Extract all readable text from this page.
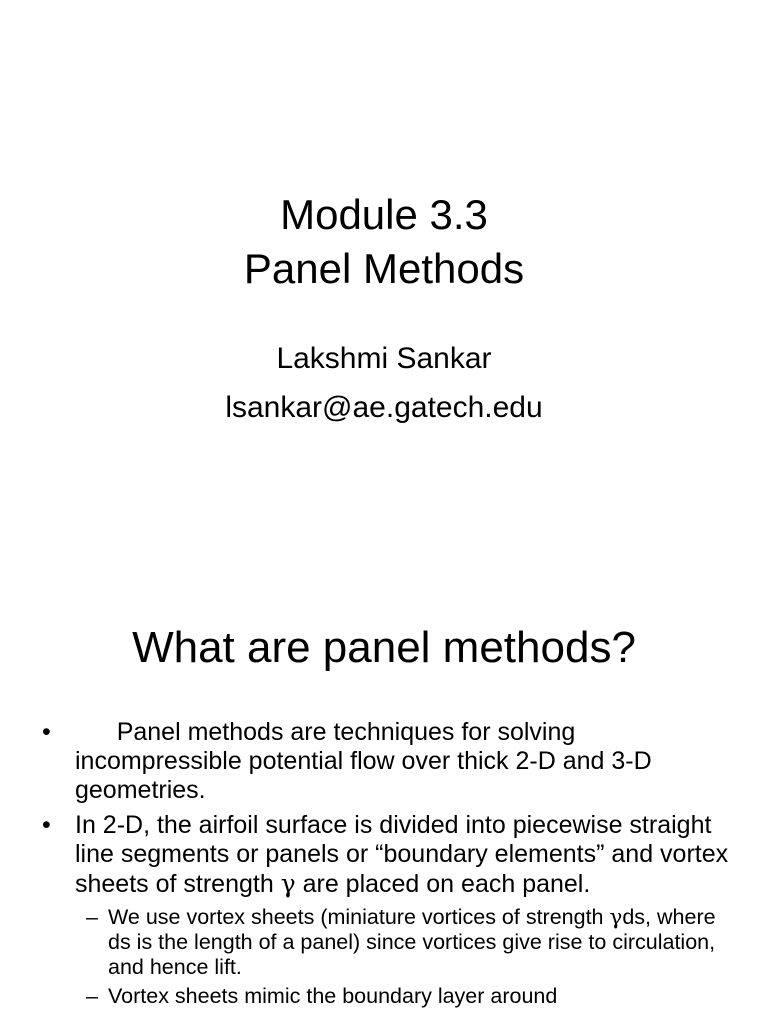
Module 3.3
Panel Methods
Lakshmi Sankar
lsankar@ae.gatech.edu
What are panel methods?
• Panel methods are techniques for solving incompressible potential flow over thick 2-D and 3-D geometries.
• In 2-D, the airfoil surface is divided into piecewise straight line segments or panels or “boundary elements” and vortex sheets of strength γ are placed on each panel.
– We use vortex sheets (miniature vortices of strength γds, where ds is the length of a panel) since vortices give rise to circulation, and hence lift.
– Vortex sheets mimic the boundary layer around
